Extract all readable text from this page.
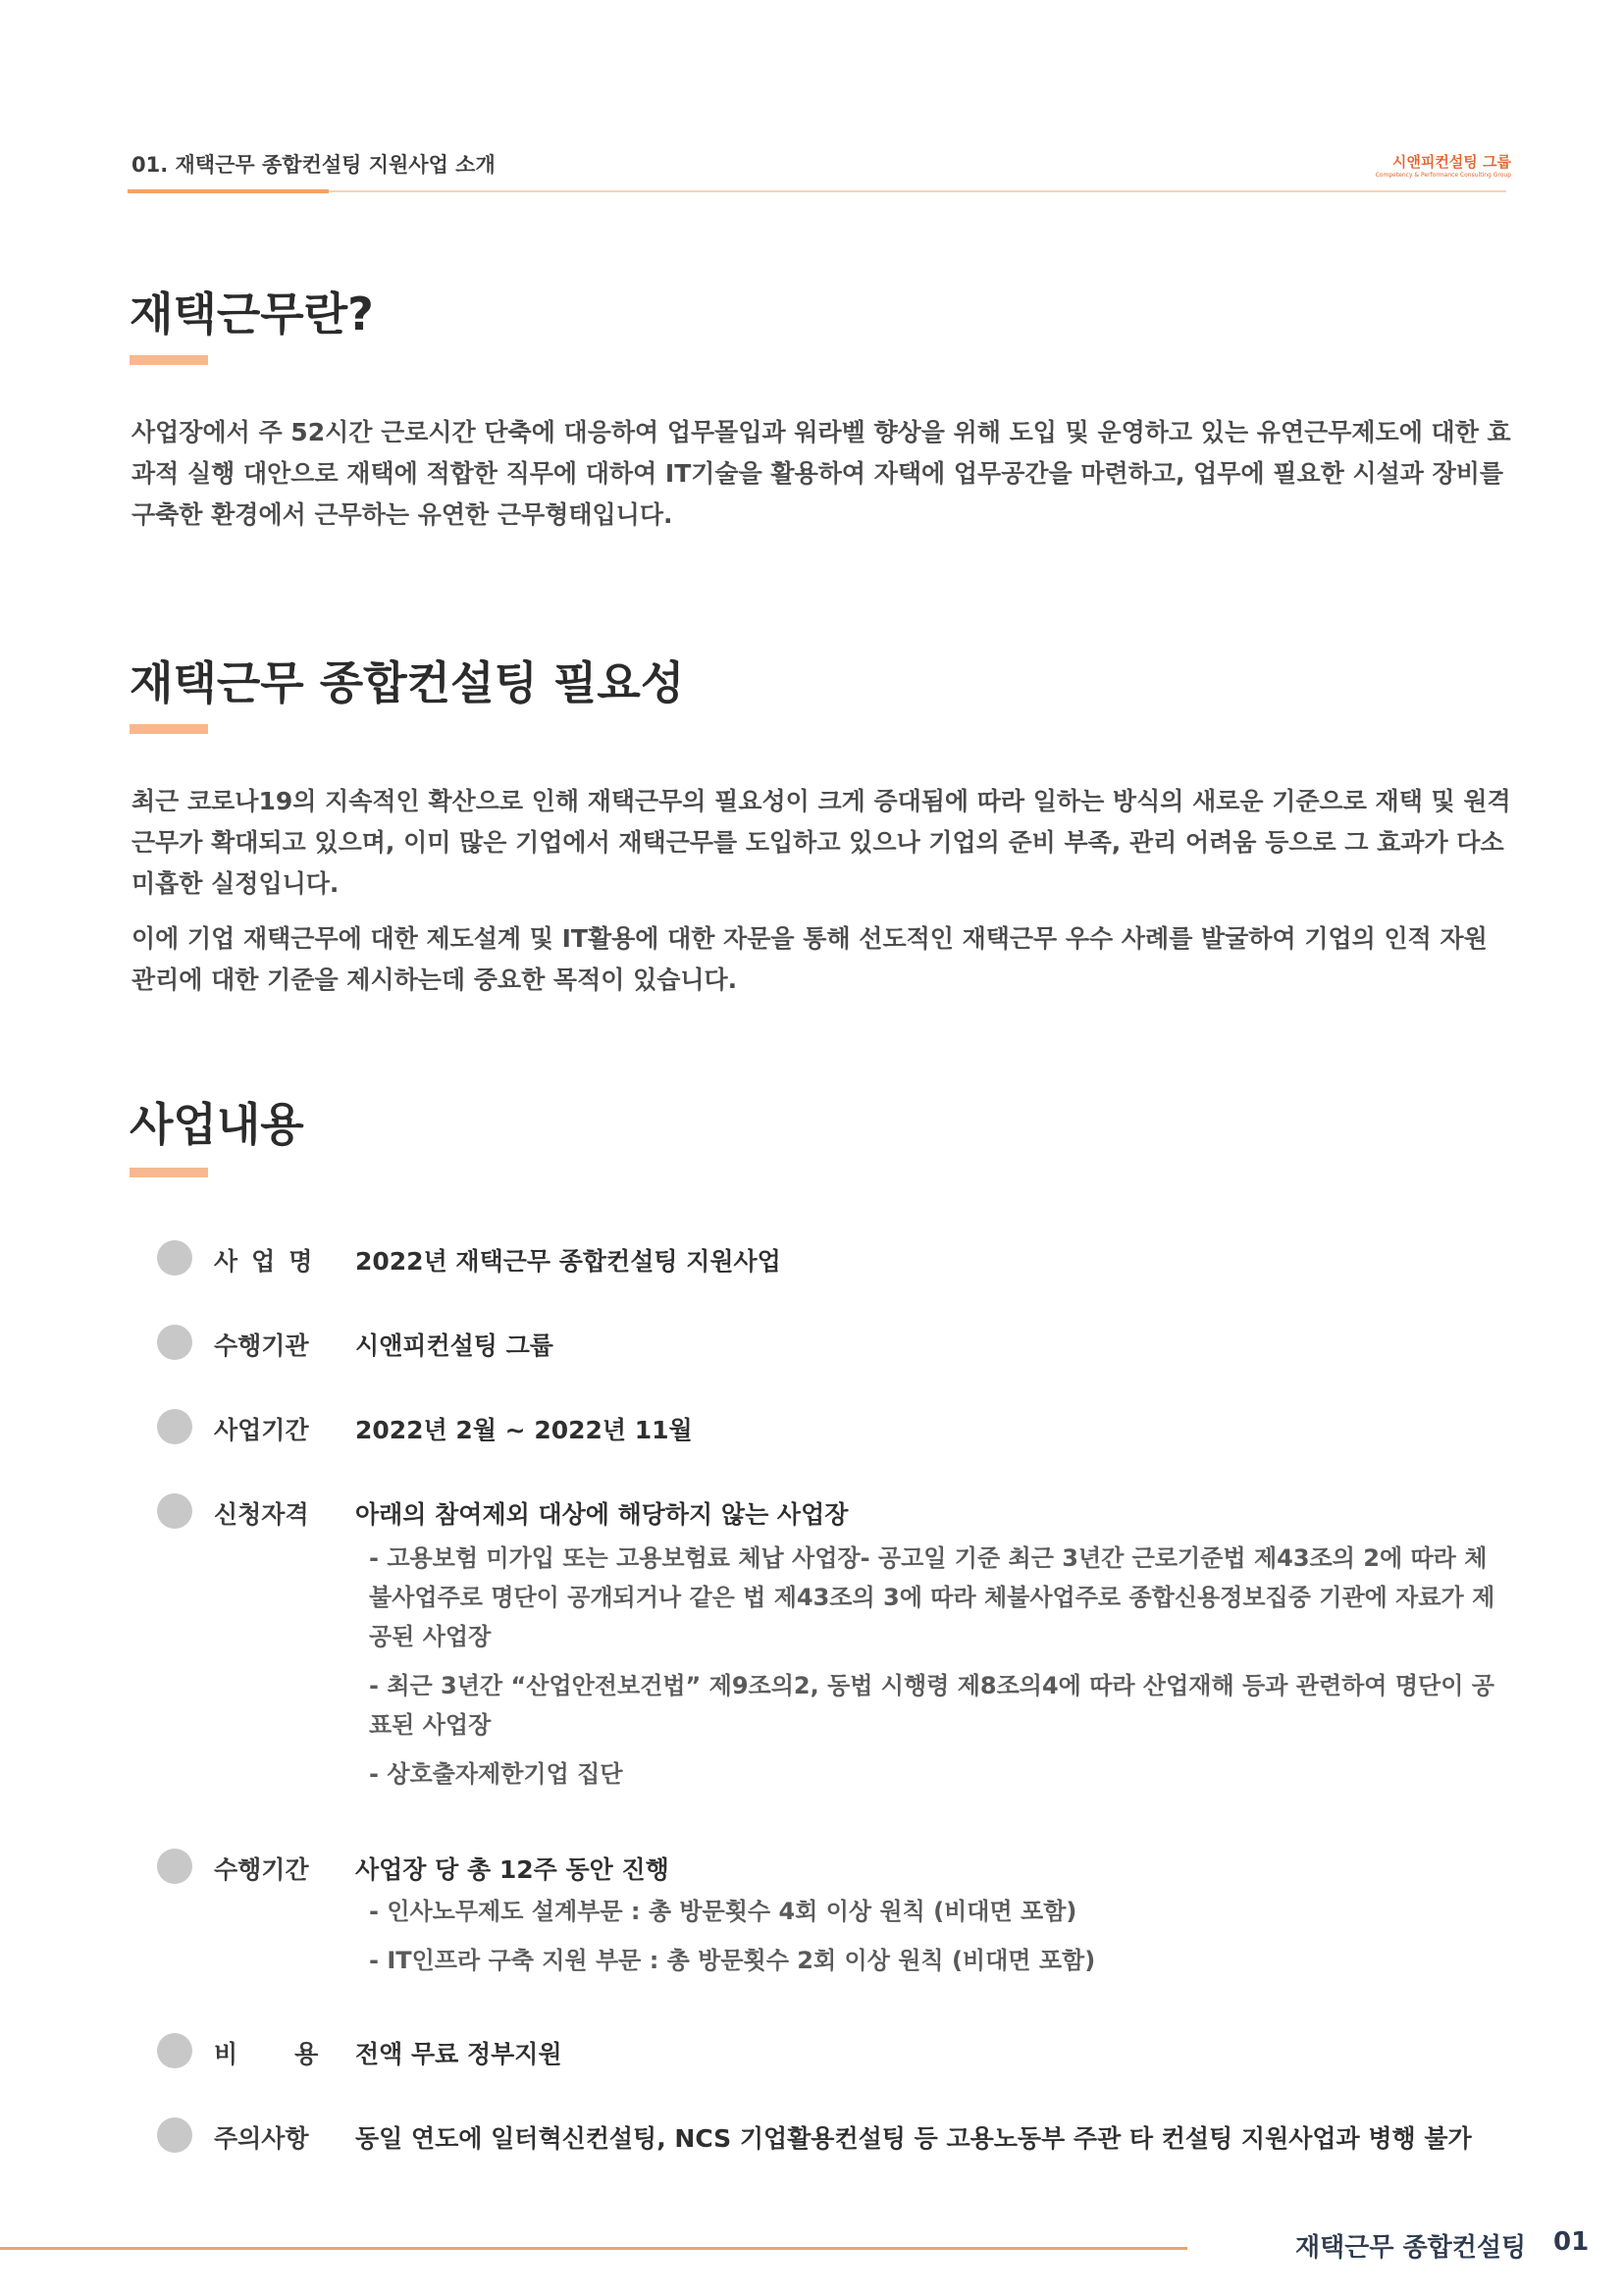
01. 재택근무 종합컨설팅 지원사업 소개	시앤피컨설팅 그룹
Competency & Performance Consulting Group
재택근무란?

사업장에서 주 52시간 근로시간 단축에 대응하여 업무몰입과 워라벨 향상을 위해 도입 및 운영하고 있는 유연근무제도에 대한 효과적 실행 대안으로 재택에 적합한 직무에 대하여 IT기술을 활용하여 자택에 업무공간을 마련하고, 업무에 필요한 시설과 장비를 구축한 환경에서 근무하는 유연한 근무형태입니다.

재택근무 종합컨설팅 필요성

최근 코로나19의 지속적인 확산으로 인해 재택근무의 필요성이 크게 증대됨에 따라 일하는 방식의 새로운 기준으로 재택 및 원격 근무가 확대되고 있으며, 이미 많은 기업에서 재택근무를 도입하고 있으나 기업의 준비 부족, 관리 어려움 등으로 그 효과가 다소 미흡한 실정입니다.

이에 기업 재택근무에 대한 제도설계 및 IT활용에 대한 자문을 통해 선도적인 재택근무 우수 사례를 발굴하여 기업의 인적 자원 관리에 대한 기준을 제시하는데 중요한 목적이 있습니다.

사업내용
사업명 2022년 재택근무 종합컨설팅 지원사업
수행기관 시앤피컨설팅 그룹
사업기간 2022년 2월 ~ 2022년 11월
신청자격 아래의 참여제외 대상에 해당하지 않는 사업장
- 고용보험 미가입 또는 고용보험료 체납 사업장- 공고일 기준 최근 3년간 근로기준법 제43조의 2에 따라 체불사업주로 명단이 공개되거나 같은 법 제43조의 3에 따라 체불사업주로 종합신용정보집중 기관에 자료가 제공된 사업장
- 최근 3년간 “산업안전보건법” 제9조의2, 동법 시행령 제8조의4에 따라 산업재해 등과 관련하여 명단이 공표된 사업장
- 상호출자제한기업 집단
수행기간 사업장 당 총 12주 동안 진행
- 인사노무제도 설계부문 : 총 방문횟수 4회 이상 원칙 (비대면 포함)
- IT인프라 구축 지원 부문 : 총 방문횟수 2회 이상 원칙 (비대면 포함)
비용
전액 무료 정부지원
주의사항 동일 연도에 일터혁신컨설팅, NCS 기업활용컨설팅 등 고용노동부 주관 타 컨설팅 지원사업과 병행 불가
재택근무 종합컨설팅 01
